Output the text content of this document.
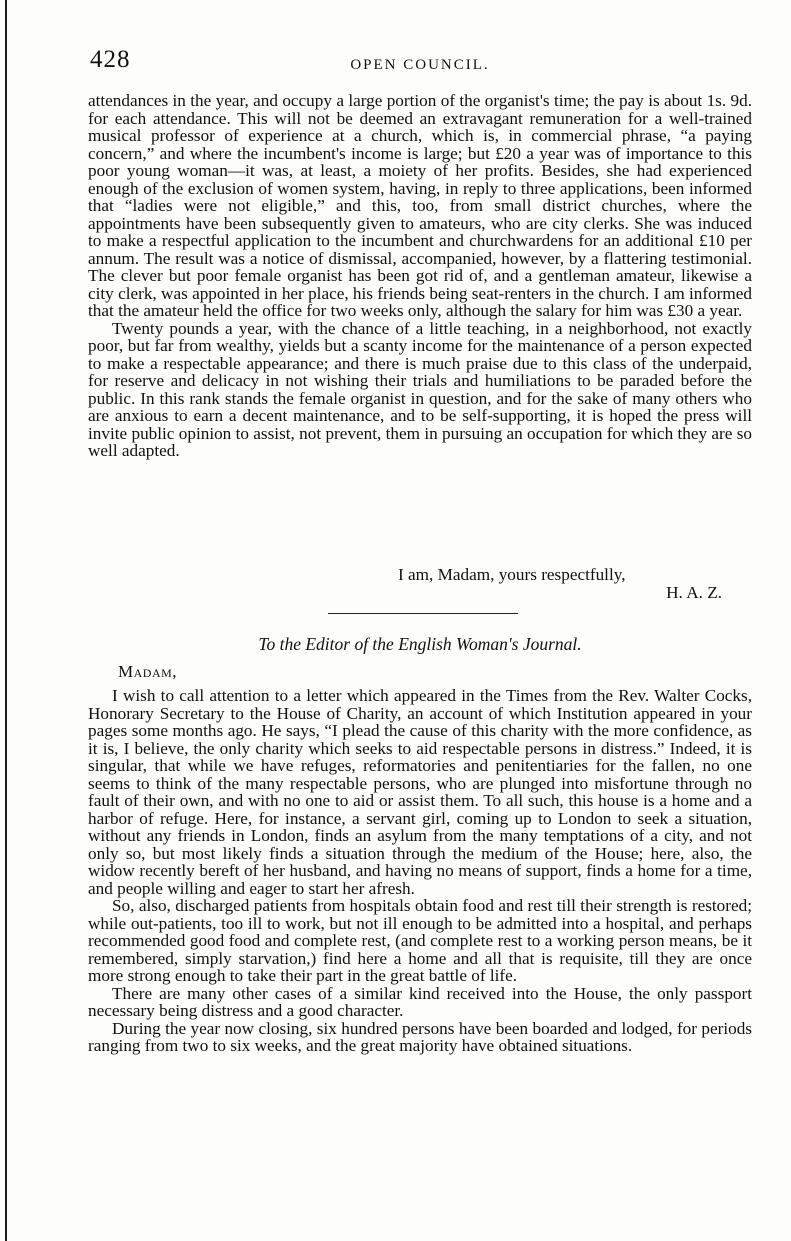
428	OPEN COUNCIL.

attendances in the year, and occupy a large portion of the organist's time; the pay is about 1s. 9d. for each attendance. This will not be deemed an extravagant remuneration for a well-trained musical professor of experience at a church, which is, in commercial phrase, “a paying concern,” and where the incumbent's income is large; but £20 a year was of importance to this poor young woman—it was, at least, a moiety of her profits. Besides, she had experienced enough of the exclusion of women system, having, in reply to three applications, been informed that “ladies were not eligible,” and this, too, from small district churches, where the appointments have been subsequently given to amateurs, who are city clerks. She was induced to make a respectful application to the incumbent and churchwardens for an additional £10 per annum. The result was a notice of dismissal, accompanied, however, by a flattering testimonial. The clever but poor female organist has been got rid of, and a gentleman amateur, likewise a city clerk, was appointed in her place, his friends being seat-renters in the church. I am informed that the amateur held the office for two weeks only, although the salary for him was £30 a year.

Twenty pounds a year, with the chance of a little teaching, in a neighborhood, not exactly poor, but far from wealthy, yields but a scanty income for the maintenance of a person expected to make a respectable appearance; and there is much praise due to this class of the underpaid, for reserve and delicacy in not wishing their trials and humiliations to be paraded before the public. In this rank stands the female organist in question, and for the sake of many others who are anxious to earn a decent maintenance, and to be self-supporting, it is hoped the press will invite public opinion to assist, not prevent, them in pursuing an occupation for which they are so well adapted.

I am, Madam, yours respectfully,
H. A. Z.
To the Editor of the English Woman's Journal.
Madam,

I wish to call attention to a letter which appeared in the Times from the Rev. Walter Cocks, Honorary Secretary to the House of Charity, an account of which Institution appeared in your pages some months ago. He says, “I plead the cause of this charity with the more confidence, as it is, I believe, the only charity which seeks to aid respectable persons in distress.” Indeed, it is singular, that while we have refuges, reformatories and penitentiaries for the fallen, no one seems to think of the many respectable persons, who are plunged into misfortune through no fault of their own, and with no one to aid or assist them. To all such, this house is a home and a harbor of refuge. Here, for instance, a servant girl, coming up to London to seek a situation, without any friends in London, finds an asylum from the many temptations of a city, and not only so, but most likely finds a situation through the medium of the House; here, also, the widow recently bereft of her husband, and having no means of support, finds a home for a time, and people willing and eager to start her afresh.

So, also, discharged patients from hospitals obtain food and rest till their strength is restored; while out-patients, too ill to work, but not ill enough to be admitted into a hospital, and perhaps recommended good food and complete rest, (and complete rest to a working person means, be it remembered, simply starvation,) find here a home and all that is requisite, till they are once more strong enough to take their part in the great battle of life.

There are many other cases of a similar kind received into the House, the only passport necessary being distress and a good character.

During the year now closing, six hundred persons have been boarded and lodged, for periods ranging from two to six weeks, and the great majority have obtained situations.
